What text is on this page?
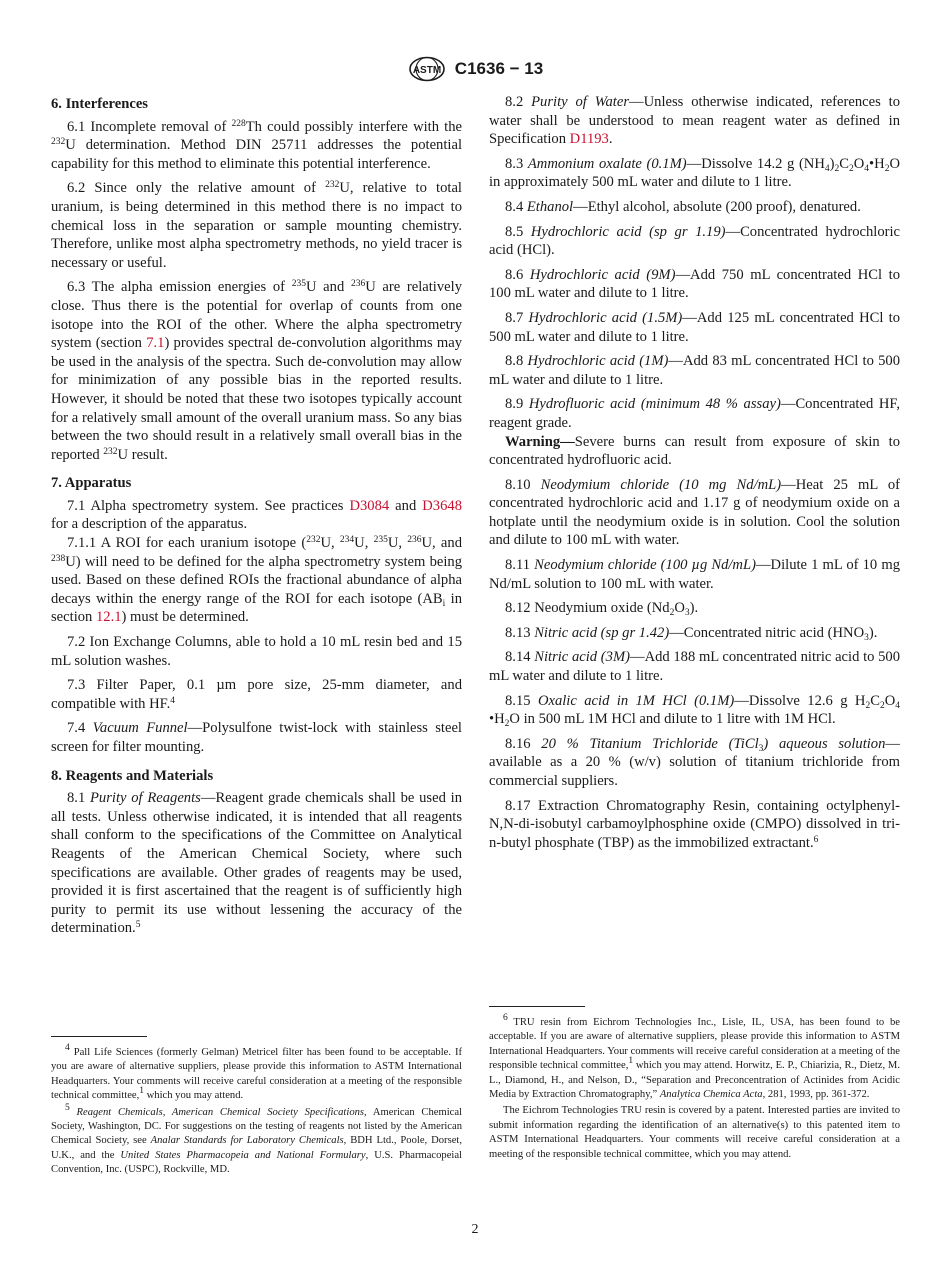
ASTM C1636 − 13
6. Interferences

6.1 Incomplete removal of $^{228}$Th could possibly interfere with the $^{232}$U determination. Method DIN 25711 addresses the potential capability for this method to eliminate this potential interference.

6.2 Since only the relative amount of $^{232}$U, relative to total uranium, is being determined in this method there is no impact to chemical loss in the separation or sample mounting chemistry. Therefore, unlike most alpha spectrometry methods, no yield tracer is necessary or useful.

6.3 The alpha emission energies of $^{235}$U and $^{236}$U are relatively close. Thus there is the potential for overlap of counts from one isotope into the ROI of the other. Where the alpha spectrometry system (section 7.1) provides spectral de-convolution algorithms may be used in the analysis of the spectra. Such de-convolution may allow for minimization of any possible bias in the reported results. However, it should be noted that these two isotopes typically account for a relatively small amount of the overall uranium mass. So any bias between the two should result in a relatively small overall bias in the reported $^{232}$U result.

7. Apparatus

7.1 Alpha spectrometry system. See practices D3084 and D3648 for a description of the apparatus.

7.1.1 A ROI for each uranium isotope ($^{232}$U, $^{234}$U, $^{235}$U, $^{236}$U, and $^{238}$U) will need to be defined for the alpha spectrometry system being used. Based on these defined ROIs the fractional abundance of alpha decays within the energy range of the ROI for each isotope ($AB_i$ in section 12.1) must be determined.

7.2 Ion Exchange Columns, able to hold a 10 mL resin bed and 15 mL solution washes.

7.3 Filter Paper, 0.1 µm pore size, 25-mm diameter, and compatible with HF.$^4$

7.4 Vacuum Funnel—Polysulfone twist-lock with stainless steel screen for filter mounting.

8. Reagents and Materials

8.1 Purity of Reagents—Reagent grade chemicals shall be used in all tests. Unless otherwise indicated, it is intended that all reagents shall conform to the specifications of the Committee on Analytical Reagents of the American Chemical Society, where such specifications are available. Other grades of reagents may be used, provided it is first ascertained that the reagent is of sufficiently high purity to permit its use without lessening the accuracy of the determination.$^5$

$^4$ Pall Life Sciences (formerly Gelman) Metricel filter has been found to be acceptable. If you are aware of alternative suppliers, please provide this information to ASTM International Headquarters. Your comments will receive careful consideration at a meeting of the responsible technical committee,$^1$ which you may attend.

$^5$ Reagent Chemicals, American Chemical Society Specifications, American Chemical Society, Washington, DC. For suggestions on the testing of reagents not listed by the American Chemical Society, see Analar Standards for Laboratory Chemicals, BDH Ltd., Poole, Dorset, U.K., and the United States Pharmacopeia and National Formulary, U.S. Pharmacopeial Convention, Inc. (USPC), Rockville, MD.

8.2 Purity of Water—Unless otherwise indicated, references to water shall be understood to mean reagent water as defined in Specification D1193.

8.3 Ammonium oxalate (0.1M)—Dissolve 14.2 g $(NH_4)_2C_2O_4•H_2O$ in approximately 500 mL water and dilute to 1 litre.

8.4 Ethanol—Ethyl alcohol, absolute (200 proof), denatured.

8.5 Hydrochloric acid (sp gr 1.19)—Concentrated hydrochloric acid (HCl).

8.6 Hydrochloric acid (9M)—Add 750 mL concentrated HCl to 100 mL water and dilute to 1 litre.

8.7 Hydrochloric acid (1.5M)—Add 125 mL concentrated HCl to 500 mL water and dilute to 1 litre.

8.8 Hydrochloric acid (1M)—Add 83 mL concentrated HCl to 500 mL water and dilute to 1 litre.

8.9 Hydrofluoric acid (minimum 48 % assay)—Concentrated HF, reagent grade.

Warning—Severe burns can result from exposure of skin to concentrated hydrofluoric acid.

8.10 Neodymium chloride (10 mg Nd/mL)—Heat 25 mL of concentrated hydrochloric acid and 1.17 g of neodymium oxide on a hotplate until the neodymium oxide is in solution. Cool the solution and dilute to 100 mL with water.

8.11 Neodymium chloride (100 µg Nd/mL)—Dilute 1 mL of 10 mg Nd/mL solution to 100 mL with water.

8.12 Neodymium oxide $(Nd_2O_3)$.

8.13 Nitric acid (sp gr 1.42)—Concentrated nitric acid $(HNO_3)$.

8.14 Nitric acid (3M)—Add 188 mL concentrated nitric acid to 500 mL water and dilute to 1 litre.

8.15 Oxalic acid in 1M HCl (0.1M)—Dissolve 12.6 g $H_2C_2O_4$ $•H_2O$ in 500 mL 1M HCl and dilute to 1 litre with 1M HCl.

8.16 20 % Titanium Trichloride (TiCl$_3$) aqueous solution—available as a 20 % (w/v) solution of titanium trichloride from commercial suppliers.

8.17 Extraction Chromatography Resin, containing octylphenyl-N,N-di-isobutyl carbamoylphosphine oxide (CMPO) dissolved in tri-n-butyl phosphate (TBP) as the immobilized extractant.$^6$

$^6$ TRU resin from Eichrom Technologies Inc., Lisle, IL, USA, has been found to be acceptable. If you are aware of alternative suppliers, please provide this information to ASTM International Headquarters. Your comments will receive careful consideration at a meeting of the responsible technical committee,$^1$ which you may attend. Horwitz, E. P., Chiarizia, R., Dietz, M. L., Diamond, H., and Nelson, D., “Separation and Preconcentration of Actinides from Acidic Media by Extraction Chromatography,” Analytica Chemica Acta, 281, 1993, pp. 361-372.

The Eichrom Technologies TRU resin is covered by a patent. Interested parties are invited to submit information regarding the identification of an alternative(s) to this patented item to ASTM International Headquarters. Your comments will receive careful consideration at a meeting of the responsible technical committee, which you may attend.

2
